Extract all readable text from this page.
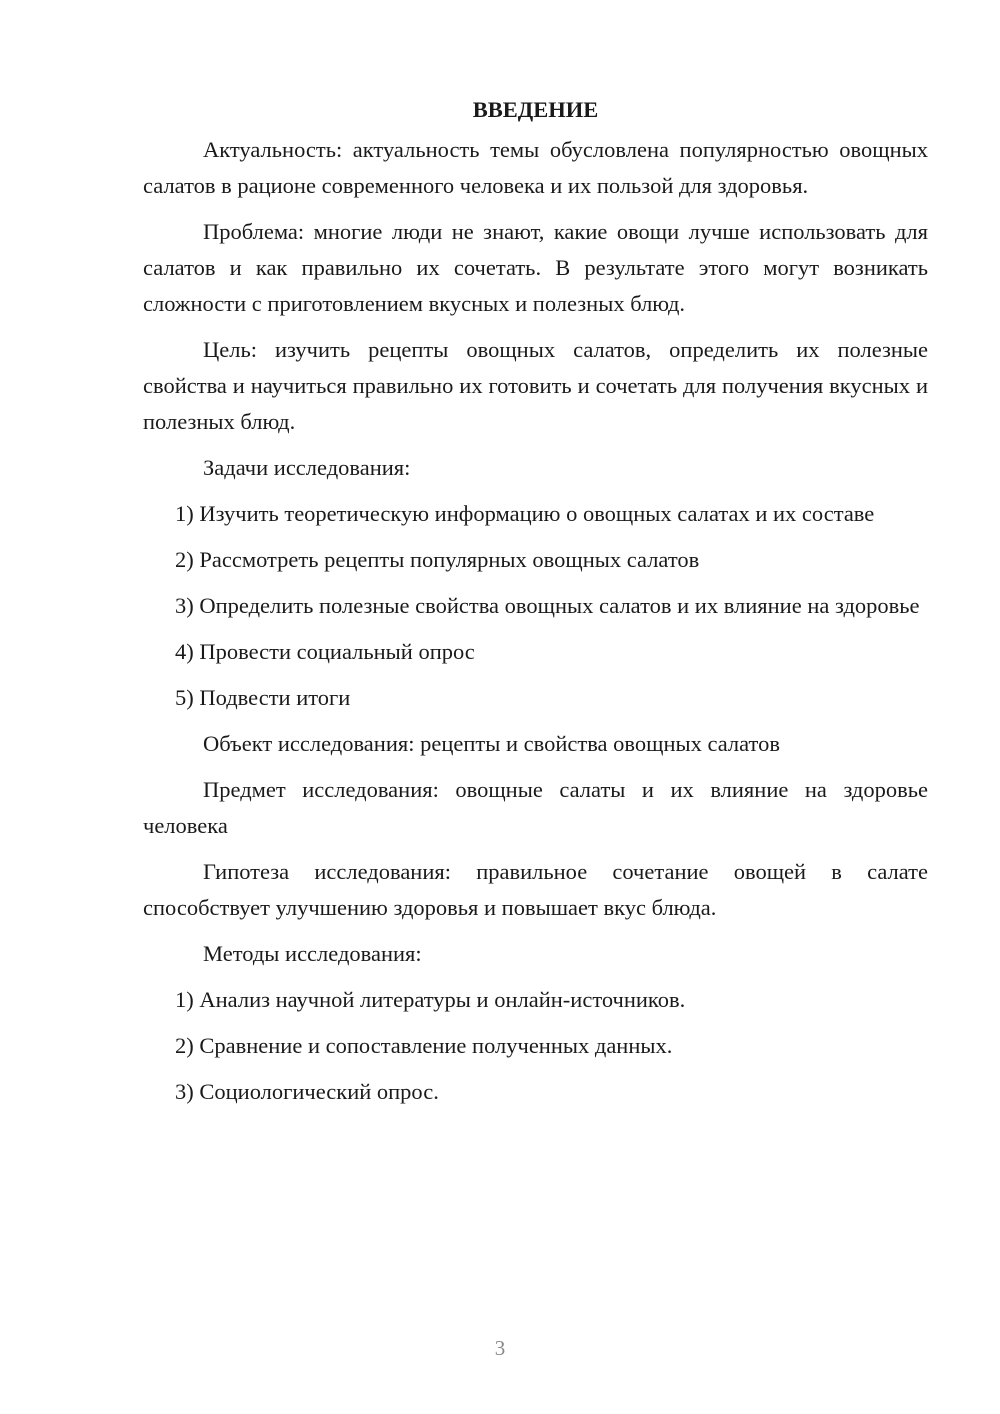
ВВЕДЕНИЕ

Актуальность: актуальность темы обусловлена популярностью овощных салатов в рационе современного человека и их пользой для здоровья.

Проблема: многие люди не знают, какие овощи лучше использовать для салатов и как правильно их сочетать. В результате этого могут возникать сложности с приготовлением вкусных и полезных блюд.

Цель: изучить рецепты овощных салатов, определить их полезные свойства и научиться правильно их готовить и сочетать для получения вкусных и полезных блюд.

Задачи исследования:

1) Изучить теоретическую информацию о овощных салатах и их составе

2) Рассмотреть рецепты популярных овощных салатов

3) Определить полезные свойства овощных салатов и их влияние на здоровье

4) Провести социальный опрос

5) Подвести итоги

Объект исследования: рецепты и свойства овощных салатов

Предмет исследования: овощные салаты и их влияние на здоровье человека

Гипотеза исследования: правильное сочетание овощей в салате способствует улучшению здоровья и повышает вкус блюда.

Методы исследования:

1) Анализ научной литературы и онлайн-источников.

2) Сравнение и сопоставление полученных данных.

3) Социологический опрос.

3
